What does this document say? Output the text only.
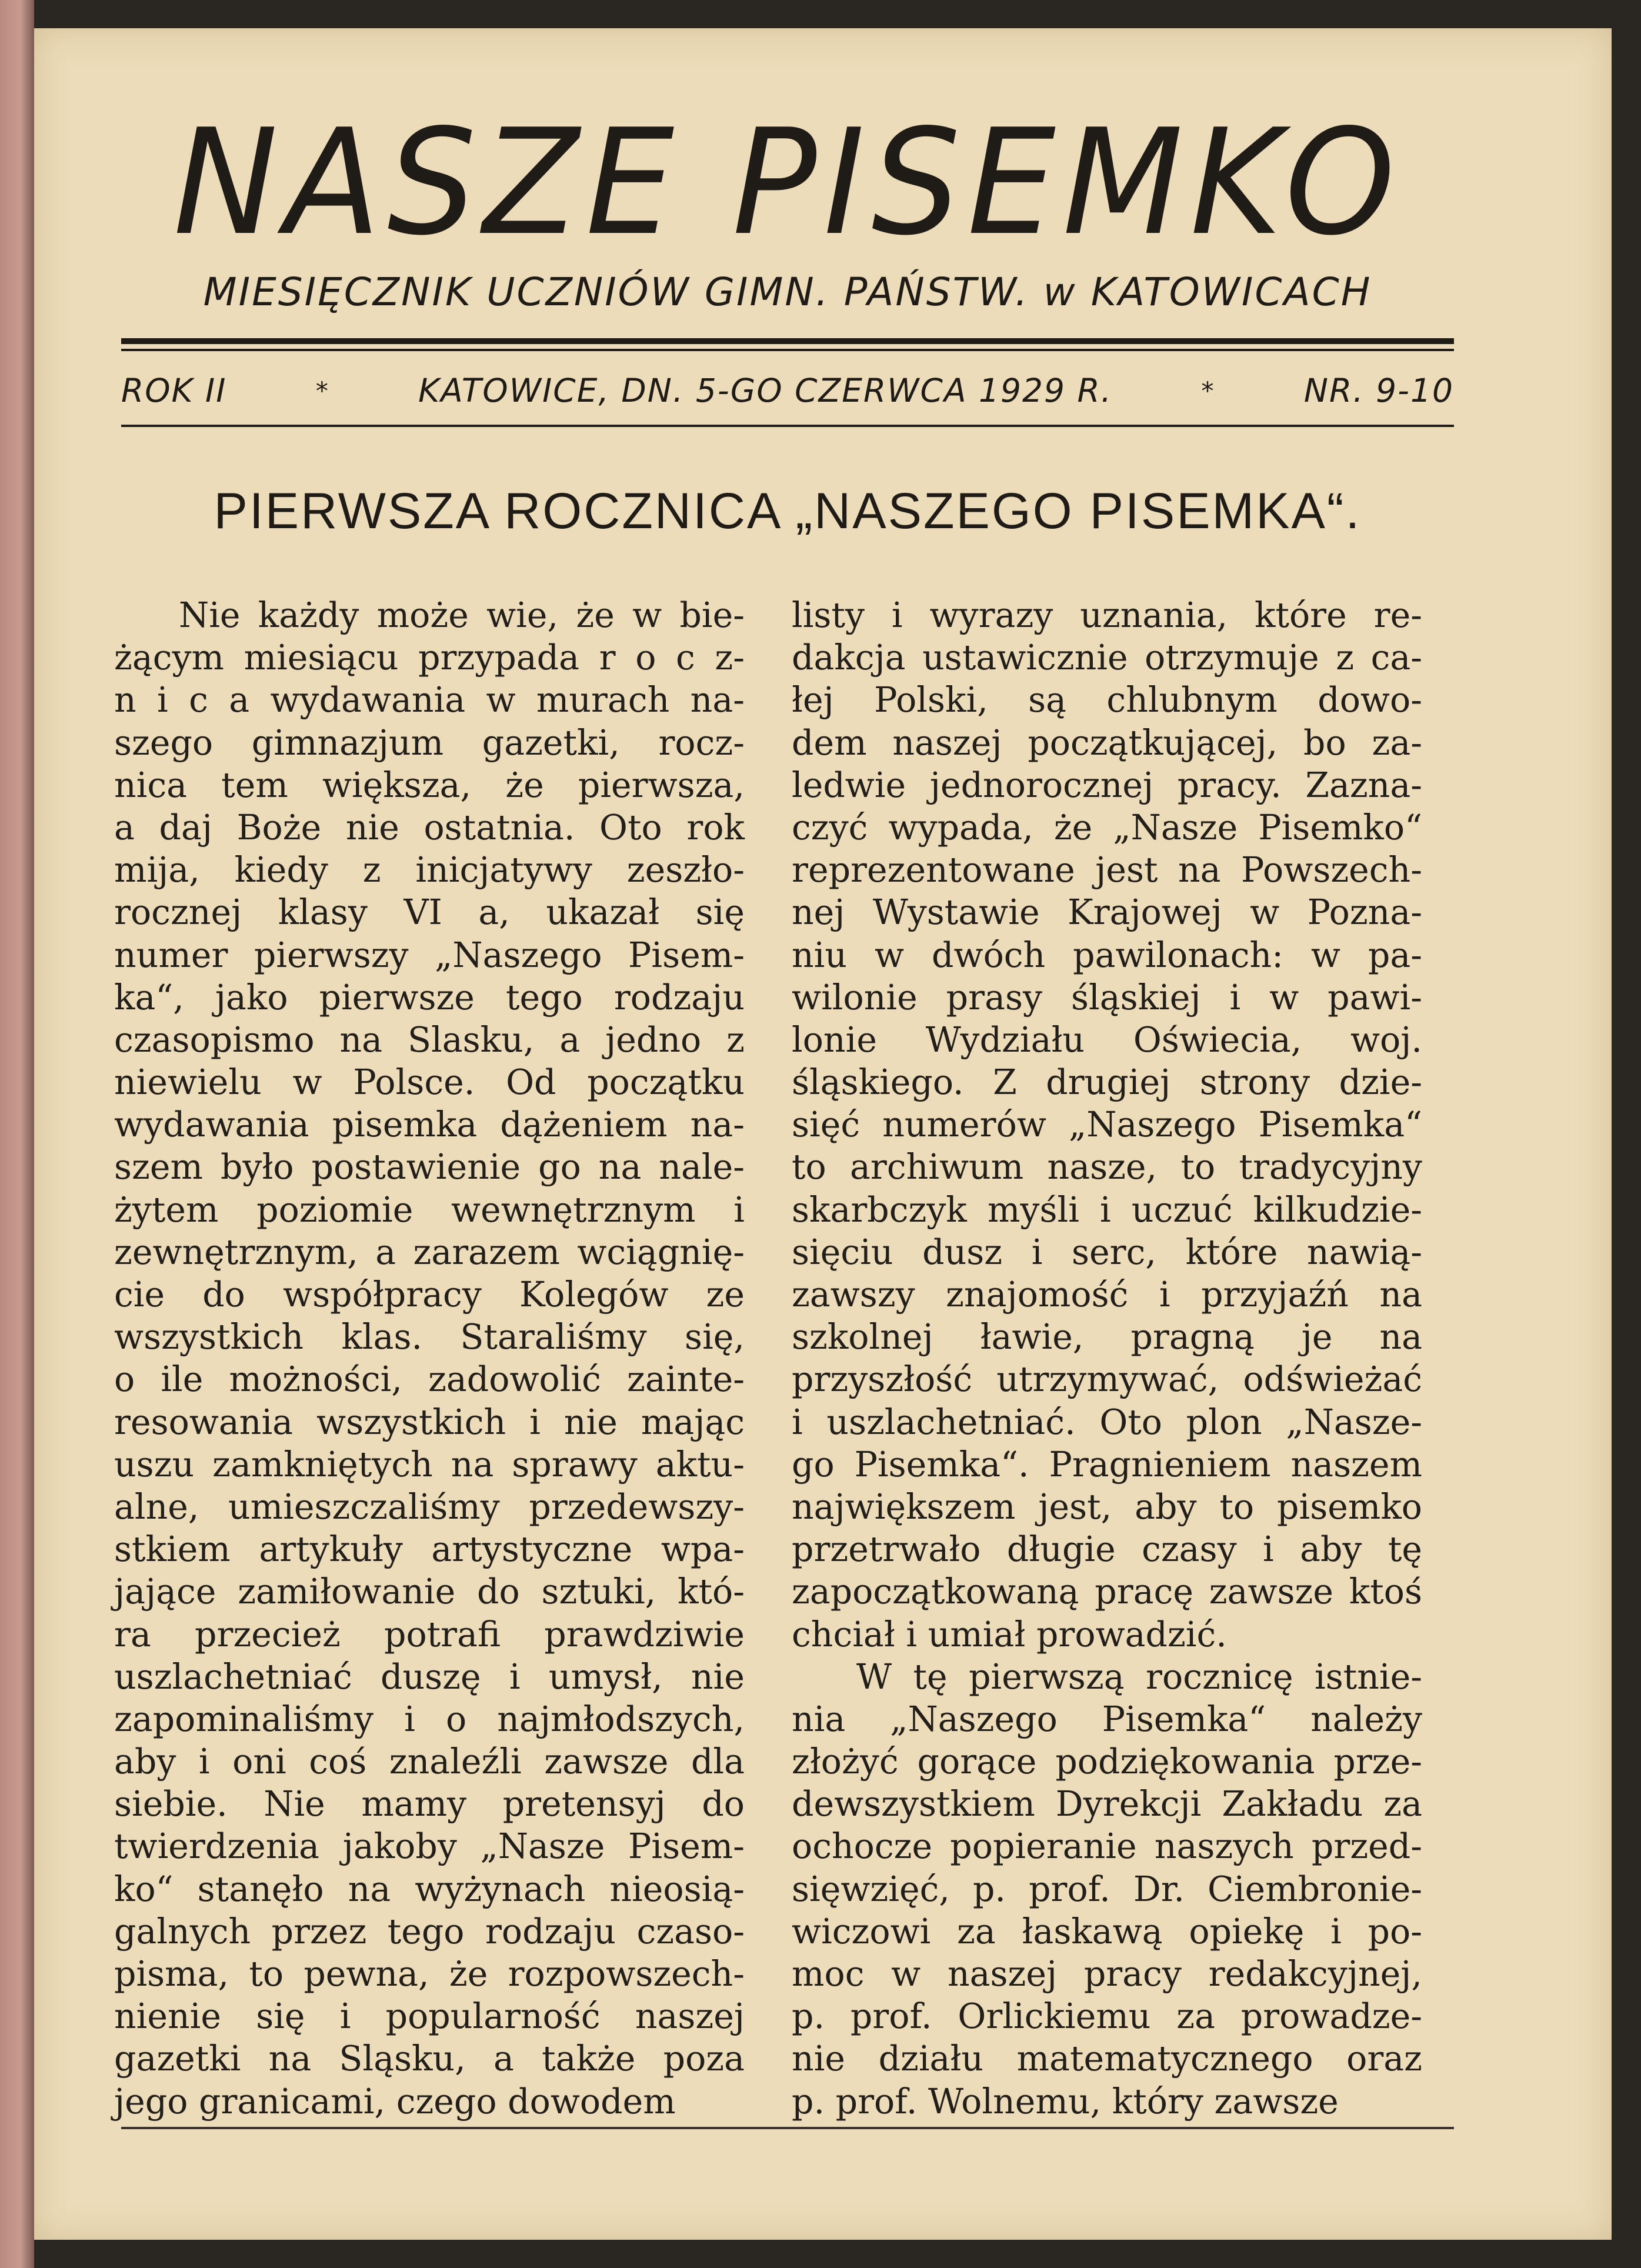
NASZE PISEMKO
MIESIĘCZNIK UCZNIÓW GIMN. PAŃSTW. w KATOWICACH
ROK II	*	KATOWICE, DN. 5-GO CZERWCA 1929 R.	*	NR. 9-10
PIERWSZA ROCZNICA „NASZEGO PISEMKA“.
Nie każdy może wie, że w bie-
żącym miesiącu przypada r o c z-
n i c a wydawania w murach na-
szego gimnazjum gazetki, rocz-
nica tem większa, że pierwsza,
a daj Boże nie ostatnia. Oto rok
mija, kiedy z inicjatywy zeszło-
rocznej klasy VI a, ukazał się
numer pierwszy „Naszego Pisem-
ka“, jako pierwsze tego rodzaju
czasopismo na Slasku, a jedno z
niewielu w Polsce. Od początku
wydawania pisemka dążeniem na-
szem było postawienie go na nale-
żytem poziomie wewnętrznym i
zewnętrznym, a zarazem wciągnię-
cie do współpracy Kolegów ze
wszystkich klas. Staraliśmy się,
o ile możności, zadowolić zainte-
resowania wszystkich i nie mając
uszu zamkniętych na sprawy aktu-
alne, umieszczaliśmy przedewszy-
stkiem artykuły artystyczne wpa-
jające zamiłowanie do sztuki, któ-
ra przecież potrafi prawdziwie
uszlachetniać duszę i umysł, nie
zapominaliśmy i o najmłodszych,
aby i oni coś znaleźli zawsze dla
siebie. Nie mamy pretensyj do
twierdzenia jakoby „Nasze Pisem-
ko“ stanęło na wyżynach nieosią-
galnych przez tego rodzaju czaso-
pisma, to pewna, że rozpowszech-
nienie się i popularność naszej
gazetki na Sląsku, a także poza
jego granicami, czego dowodem
listy i wyrazy uznania, które re-
dakcja ustawicznie otrzymuje z ca-
łej Polski, są chlubnym dowo-
dem naszej początkującej, bo za-
ledwie jednorocznej pracy. Zazna-
czyć wypada, że „Nasze Pisemko“
reprezentowane jest na Powszech-
nej Wystawie Krajowej w Pozna-
niu w dwóch pawilonach: w pa-
wilonie prasy śląskiej i w pawi-
lonie Wydziału Oświecia, woj.
śląskiego. Z drugiej strony dzie-
sięć numerów „Naszego Pisemka“
to archiwum nasze, to tradycyjny
skarbczyk myśli i uczuć kilkudzie-
sięciu dusz i serc, które nawią-
zawszy znajomość i przyjaźń na
szkolnej ławie, pragną je na
przyszłość utrzymywać, odświeżać
i uszlachetniać. Oto plon „Nasze-
go Pisemka“. Pragnieniem naszem
największem jest, aby to pisemko
przetrwało długie czasy i aby tę
zapoczątkowaną pracę zawsze ktoś
chciał i umiał prowadzić.
W tę pierwszą rocznicę istnie-
nia „Naszego Pisemka“ należy
złożyć gorące podziękowania prze-
dewszystkiem Dyrekcji Zakładu za
ochocze popieranie naszych przed-
sięwzięć, p. prof. Dr. Ciembronie-
wiczowi za łaskawą opiekę i po-
moc w naszej pracy redakcyjnej,
p. prof. Orlickiemu za prowadze-
nie działu matematycznego oraz
p. prof. Wolnemu, który zawsze
